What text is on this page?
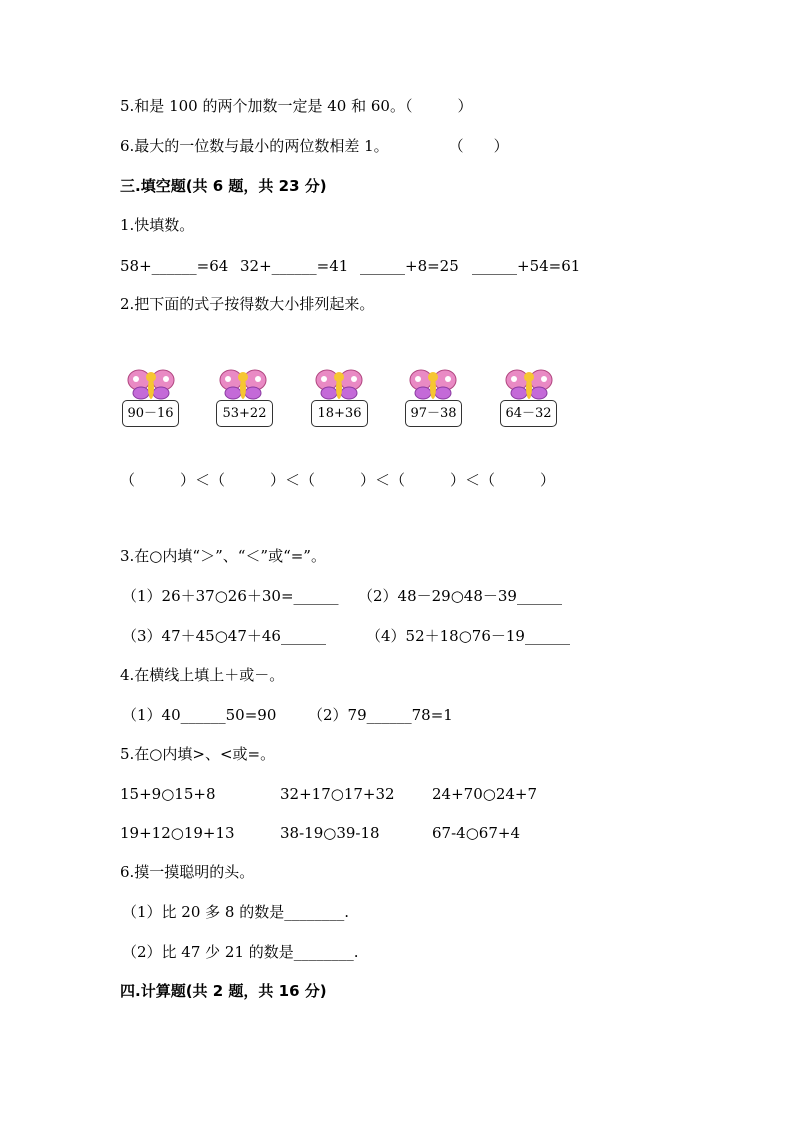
5.和是 100 的两个加数一定是 40 和 60。（　　　）
6.最大的一位数与最小的两位数相差 1。　　　　　（　　）
三.填空题(共 6 题，共 23 分)
1.快填数。
58+______=64 32+______=41 ______+8=25 ______+54=61
2.把下面的式子按得数大小排列起来。
90－16	53+22	18+36	97－38	64－32
（　　　）＜（　　　）＜（　　　）＜（　　　）＜（　　　）
3.在○内填“＞”、“＜”或“=”。
（1）26＋37○26＋30=______ （2）48－29○48－39______
（3）47＋45○47＋46______	（4）52＋18○76－19______
4.在横线上填上＋或－。
（1）40______50=90 （2）79______78=1
5.在○内填>、<或=。
15+9○15+8	32+17○17+32 24+70○24+7
19+12○19+13	38-19○39-18	67-4○67+4
6.摸一摸聪明的头。
（1）比 20 多 8 的数是________.
（2）比 47 少 21 的数是________.
四.计算题(共 2 题，共 16 分)
